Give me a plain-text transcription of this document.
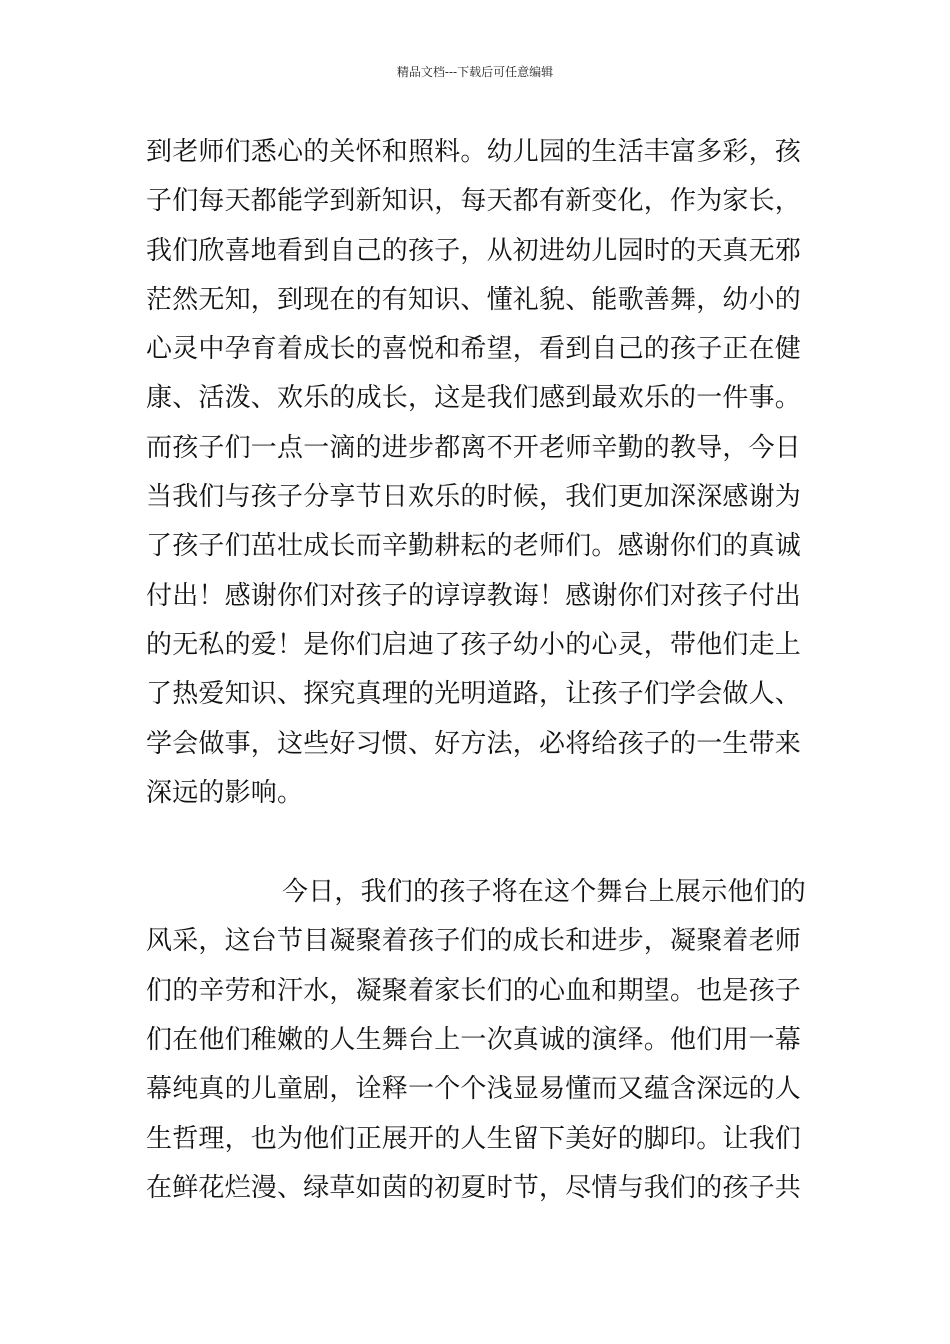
精品文档---下载后可任意编辑
到老师们悉心的关怀和照料。幼儿园的生活丰富多彩，孩
子们每天都能学到新知识，每天都有新变化，作为家长，
我们欣喜地看到自己的孩子，从初进幼儿园时的天真无邪
茫然无知，到现在的有知识、懂礼貌、能歌善舞，幼小的
心灵中孕育着成长的喜悦和希望，看到自己的孩子正在健
康、活泼、欢乐的成长，这是我们感到最欢乐的一件事。
而孩子们一点一滴的进步都离不开老师辛勤的教导，今日
当我们与孩子分享节日欢乐的时候，我们更加深深感谢为
了孩子们茁壮成长而辛勤耕耘的老师们。感谢你们的真诚
付出！感谢你们对孩子的谆谆教诲！感谢你们对孩子付出
的无私的爱！是你们启迪了孩子幼小的心灵，带他们走上
了热爱知识、探究真理的光明道路，让孩子们学会做人、
学会做事，这些好习惯、好方法，必将给孩子的一生带来
深远的影响。
今日，我们的孩子将在这个舞台上展示他们的
风采，这台节目凝聚着孩子们的成长和进步，凝聚着老师
们的辛劳和汗水，凝聚着家长们的心血和期望。也是孩子
们在他们稚嫩的人生舞台上一次真诚的演绎。他们用一幕
幕纯真的儿童剧，诠释一个个浅显易懂而又蕴含深远的人
生哲理，也为他们正展开的人生留下美好的脚印。让我们
在鲜花烂漫、绿草如茵的初夏时节，尽情与我们的孩子共
